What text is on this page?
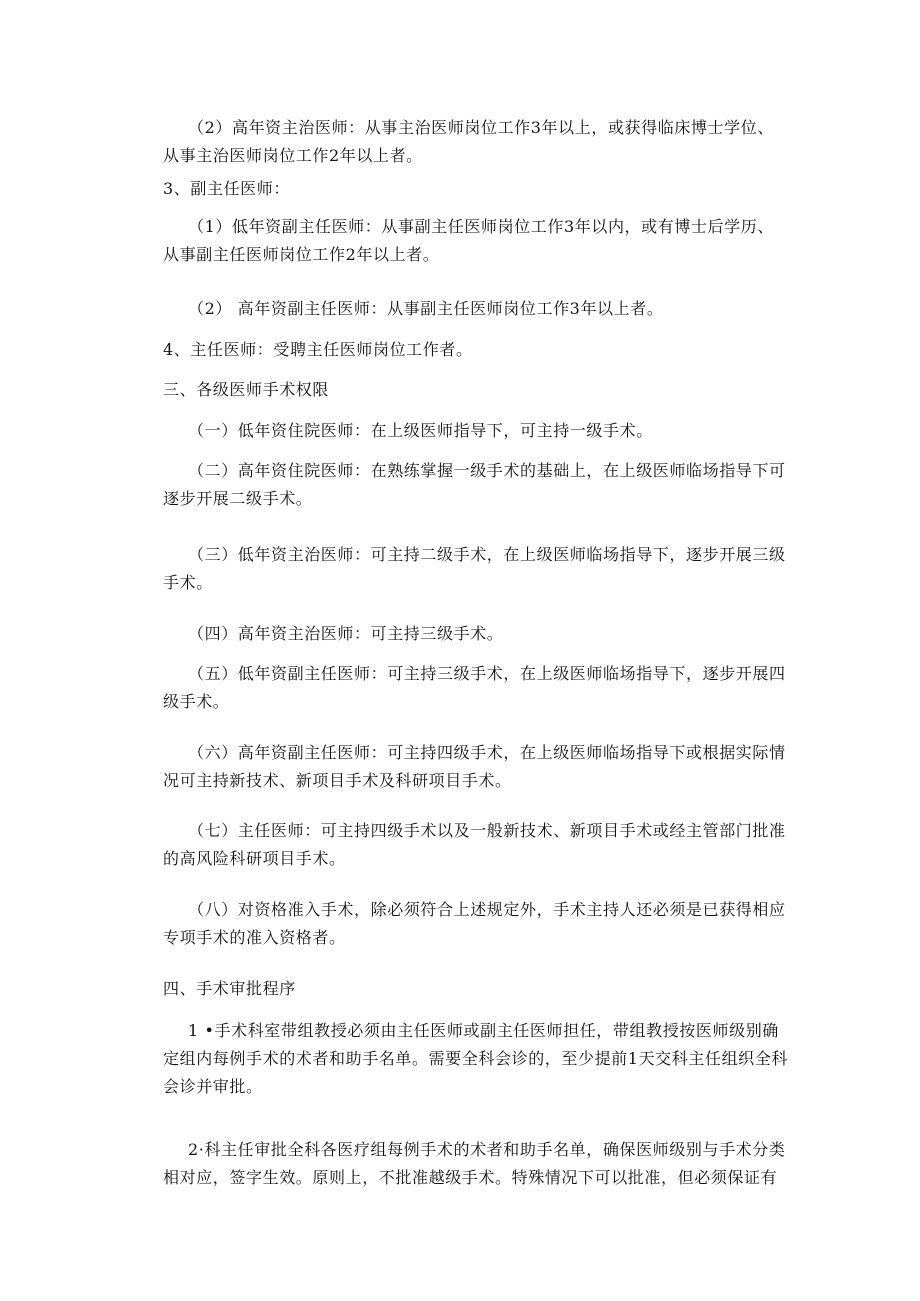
（2）高年资主治医师：从事主治医师岗位工作3年以上，或获得临床博士学位、从事主治医师岗位工作2年以上者。

3、副主任医师：

（1）低年资副主任医师：从事副主任医师岗位工作3年以内，或有博士后学历、从事副主任医师岗位工作2年以上者。

（2） 高年资副主任医师：从事副主任医师岗位工作3年以上者。

4、主任医师：受聘主任医师岗位工作者。

三、各级医师手术权限

（一）低年资住院医师：在上级医师指导下，可主持一级手术。

（二）高年资住院医师：在熟练掌握一级手术的基础上，在上级医师临场指导下可逐步开展二级手术。

（三）低年资主治医师：可主持二级手术，在上级医师临场指导下，逐步开展三级手术。

（四）高年资主治医师：可主持三级手术。

（五）低年资副主任医师：可主持三级手术，在上级医师临场指导下，逐步开展四级手术。

（六）高年资副主任医师：可主持四级手术，在上级医师临场指导下或根据实际情况可主持新技术、新项目手术及科研项目手术。

（七）主任医师：可主持四级手术以及一般新技术、新项目手术或经主管部门批准的高风险科研项目手术。

（八）对资格准入手术，除必须符合上述规定外，手术主持人还必须是已获得相应专项手术的准入资格者。

四、手术审批程序

1 •手术科室带组教授必须由主任医师或副主任医师担任，带组教授按医师级别确定组内每例手术的术者和助手名单。需要全科会诊的，至少提前1天交科主任组织全科会诊并审批。

2·科主任审批全科各医疗组每例手术的术者和助手名单，确保医师级别与手术分类相对应，签字生效。原则上，不批准越级手术。特殊情况下可以批准，但必须保证有
